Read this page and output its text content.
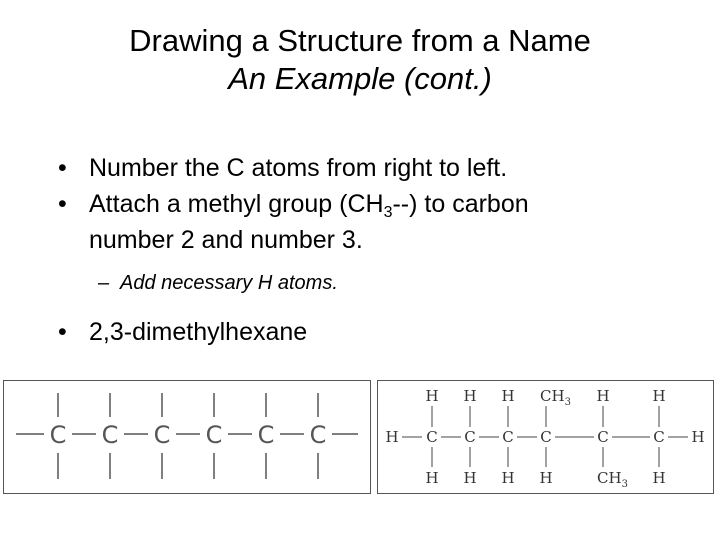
Drawing a Structure from a Name
An Example (cont.)
• Number the C atoms from right to left.
• Attach a methyl group $(CH_3--)$ to carbon
number 2 and number 3.
– Add necessary H atoms.
• 2,3-dimethylhexane
C C C C C C
H H H $CH_3$ H	H
H C C C C	C	C H
H H H H	$CH_3$ H
